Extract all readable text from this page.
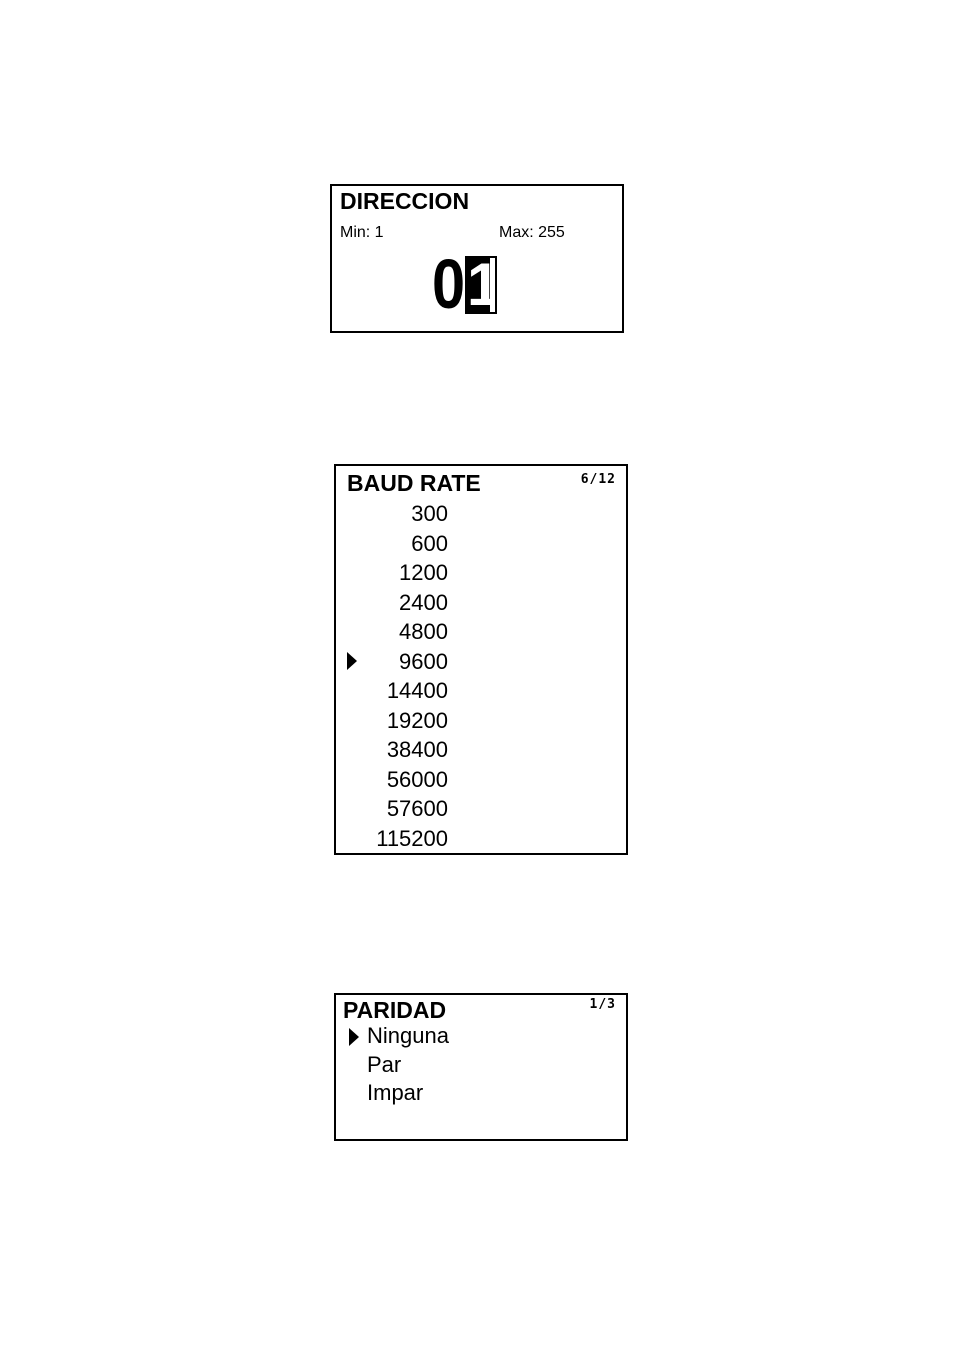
DIRECCION
Min: 1	Max: 255
0 1
BAUD RATE	6/12
300
600
1200
2400
4800
9600
14400
19200
38400
56000
57600
115200
PARIDAD	1/3
Ninguna
Par
Impar
